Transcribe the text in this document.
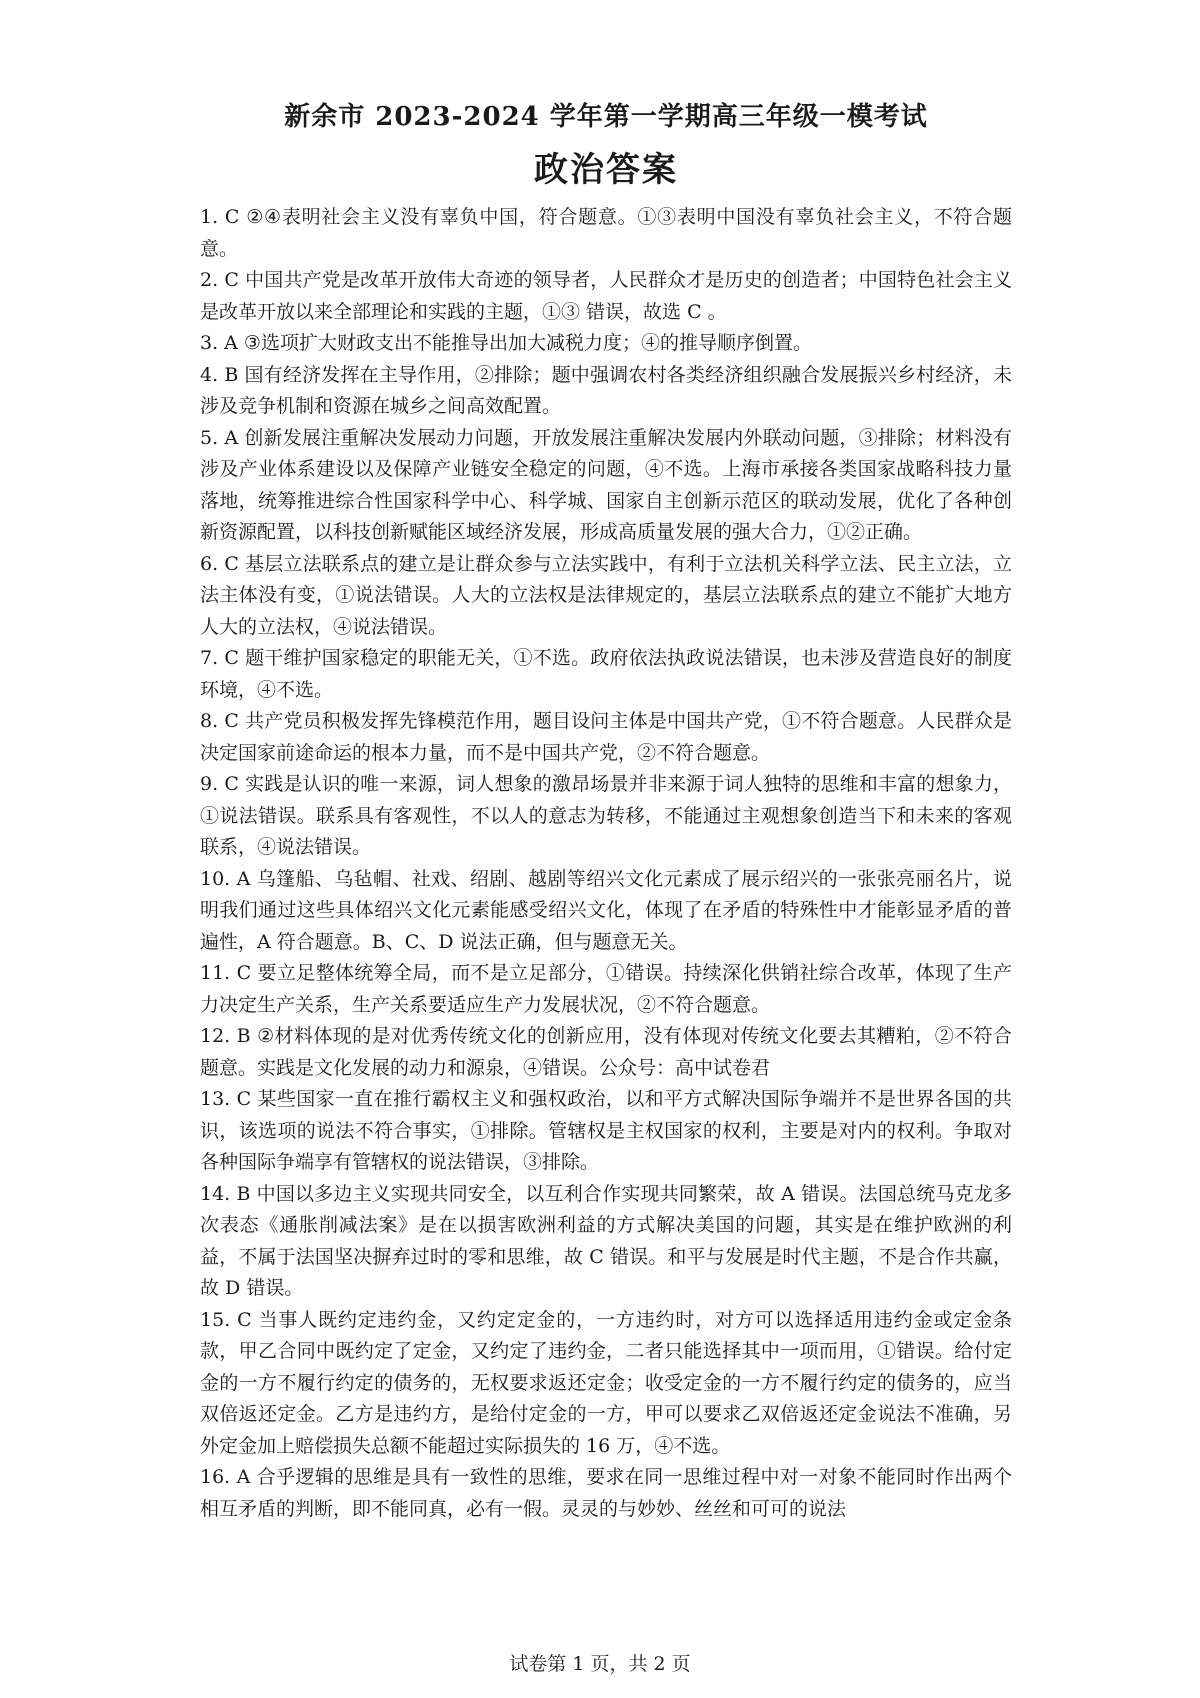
新余市 2023-2024 学年第一学期高三年级一模考试
政治答案

1. C ②④表明社会主义没有辜负中国，符合题意。①③表明中国没有辜负社会主义，不符合题意。

2. C 中国共产党是改革开放伟大奇迹的领导者，人民群众才是历史的创造者；中国特色社会主义是改革开放以来全部理论和实践的主题，①③ 错误，故选 C 。

3. A ③选项扩大财政支出不能推导出加大减税力度；④的推导顺序倒置。

4. B 国有经济发挥在主导作用，②排除；题中强调农村各类经济组织融合发展振兴乡村经济，未涉及竞争机制和资源在城乡之间高效配置。

5. A 创新发展注重解决发展动力问题，开放发展注重解决发展内外联动问题，③排除；材料没有涉及产业体系建设以及保障产业链安全稳定的问题，④不选。上海市承接各类国家战略科技力量落地，统筹推进综合性国家科学中心、科学城、国家自主创新示范区的联动发展，优化了各种创新资源配置，以科技创新赋能区域经济发展，形成高质量发展的强大合力，①②正确。

6. C 基层立法联系点的建立是让群众参与立法实践中，有利于立法机关科学立法、民主立法，立法主体没有变，①说法错误。人大的立法权是法律规定的，基层立法联系点的建立不能扩大地方人大的立法权，④说法错误。

7. C 题干维护国家稳定的职能无关，①不选。政府依法执政说法错误，也未涉及营造良好的制度环境，④不选。

8. C 共产党员积极发挥先锋模范作用，题目设问主体是中国共产党，①不符合题意。人民群众是决定国家前途命运的根本力量，而不是中国共产党，②不符合题意。

9. C 实践是认识的唯一来源，词人想象的激昂场景并非来源于词人独特的思维和丰富的想象力，①说法错误。联系具有客观性，不以人的意志为转移，不能通过主观想象创造当下和未来的客观联系，④说法错误。

10. A 乌篷船、乌毡帽、社戏、绍剧、越剧等绍兴文化元素成了展示绍兴的一张张亮丽名片，说明我们通过这些具体绍兴文化元素能感受绍兴文化，体现了在矛盾的特殊性中才能彰显矛盾的普遍性，A 符合题意。B、C、D 说法正确，但与题意无关。

11. C 要立足整体统筹全局，而不是立足部分，①错误。持续深化供销社综合改革，体现了生产力决定生产关系，生产关系要适应生产力发展状况，②不符合题意。

12. B ②材料体现的是对优秀传统文化的创新应用，没有体现对传统文化要去其糟粕，②不符合题意。实践是文化发展的动力和源泉，④错误。公众号：高中试卷君

13. C 某些国家一直在推行霸权主义和强权政治，以和平方式解决国际争端并不是世界各国的共识，该选项的说法不符合事实，①排除。管辖权是主权国家的权利，主要是对内的权利。争取对各种国际争端享有管辖权的说法错误，③排除。

14. B 中国以多边主义实现共同安全，以互利合作实现共同繁荣，故 A 错误。法国总统马克龙多次表态《通胀削减法案》是在以损害欧洲利益的方式解决美国的问题，其实是在维护欧洲的利益，不属于法国坚决摒弃过时的零和思维，故 C 错误。和平与发展是时代主题，不是合作共赢，故 D 错误。

15. C 当事人既约定违约金，又约定定金的，一方违约时，对方可以选择适用违约金或定金条款，甲乙合同中既约定了定金，又约定了违约金，二者只能选择其中一项而用，①错误。给付定金的一方不履行约定的债务的，无权要求返还定金；收受定金的一方不履行约定的债务的，应当双倍返还定金。乙方是违约方，是给付定金的一方，甲可以要求乙双倍返还定金说法不准确，另外定金加上赔偿损失总额不能超过实际损失的 16 万，④不选。

16. A 合乎逻辑的思维是具有一致性的思维，要求在同一思维过程中对一对象不能同时作出两个相互矛盾的判断，即不能同真，必有一假。灵灵的与妙妙、丝丝和可可的说法

试卷第 1 页，共 2 页
